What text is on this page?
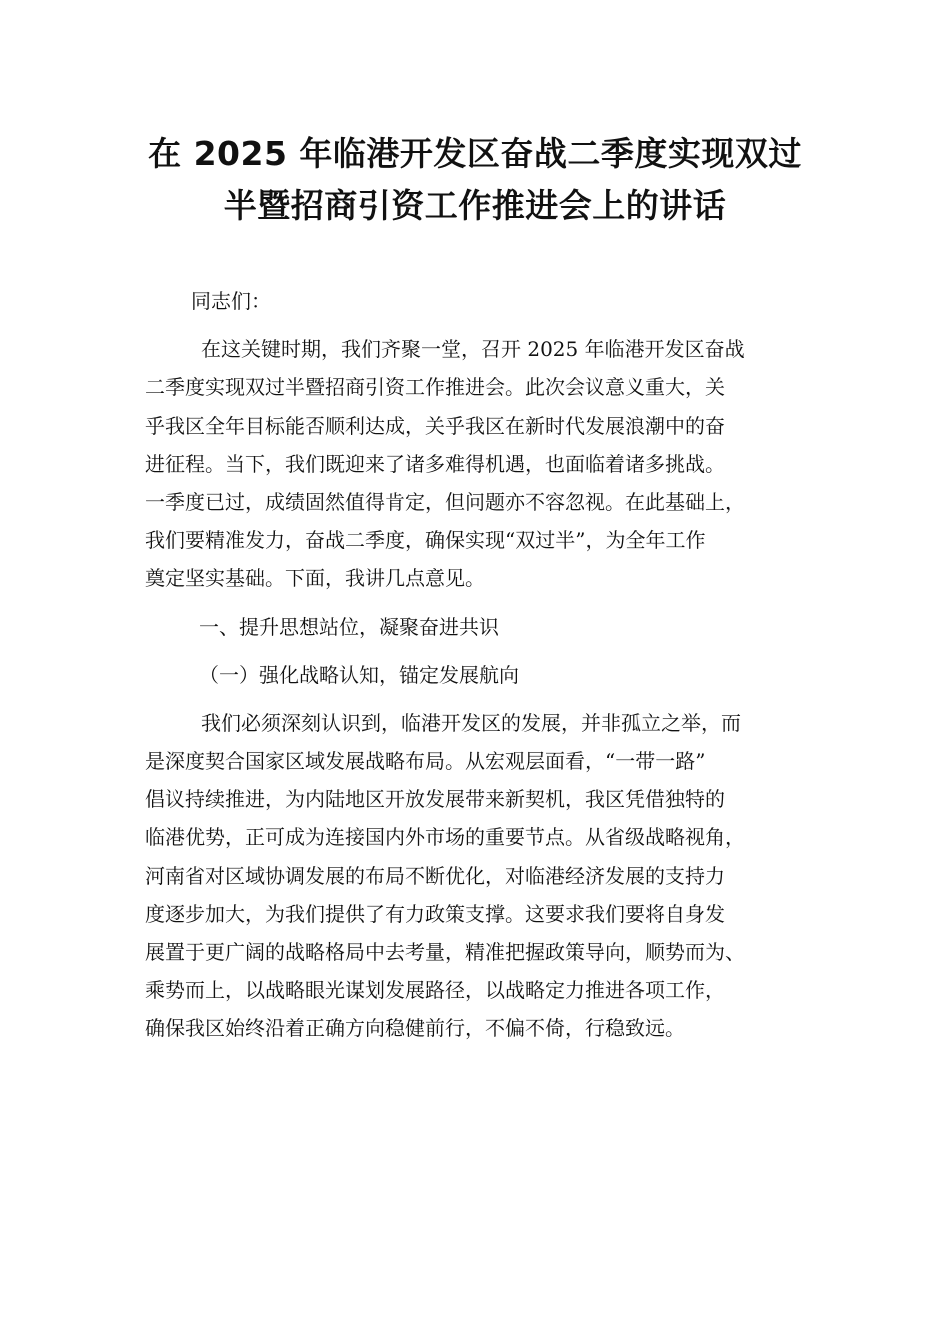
在 2025 年临港开发区奋战二季度实现双过
半暨招商引资工作推进会上的讲话
同志们：
在这关键时期，我们齐聚一堂，召开 2025 年临港开发区奋战
二季度实现双过半暨招商引资工作推进会。此次会议意义重大，关
乎我区全年目标能否顺利达成，关乎我区在新时代发展浪潮中的奋
进征程。当下，我们既迎来了诸多难得机遇，也面临着诸多挑战。
一季度已过，成绩固然值得肯定，但问题亦不容忽视。在此基础上，
我们要精准发力，奋战二季度，确保实现“双过半”，为全年工作
奠定坚实基础。下面，我讲几点意见。
一、提升思想站位，凝聚奋进共识
（一）强化战略认知，锚定发展航向
我们必须深刻认识到，临港开发区的发展，并非孤立之举，而
是深度契合国家区域发展战略布局。从宏观层面看，“一带一路”
倡议持续推进，为内陆地区开放发展带来新契机，我区凭借独特的
临港优势，正可成为连接国内外市场的重要节点。从省级战略视角，
河南省对区域协调发展的布局不断优化，对临港经济发展的支持力
度逐步加大，为我们提供了有力政策支撑。这要求我们要将自身发
展置于更广阔的战略格局中去考量，精准把握政策导向，顺势而为、
乘势而上，以战略眼光谋划发展路径，以战略定力推进各项工作，
确保我区始终沿着正确方向稳健前行，不偏不倚，行稳致远。
